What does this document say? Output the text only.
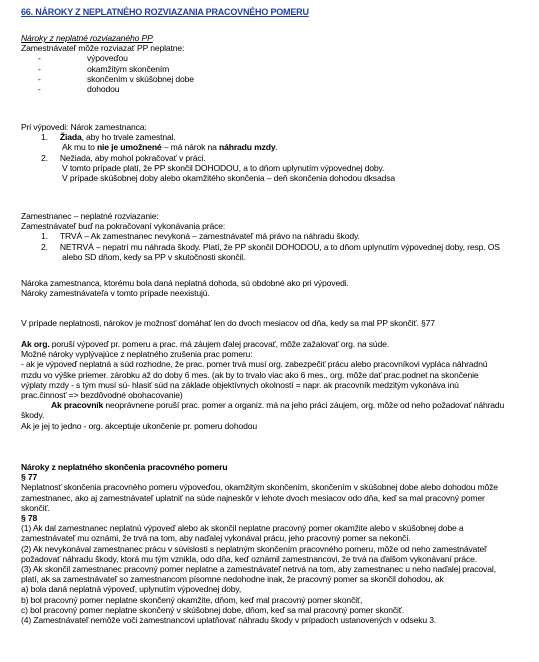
66. NÁROKY Z NEPLATNÉHO ROZVIAZANIA PRACOVNÉHO POMERU
Nároky z neplatné rozviazaného PP
Zamestnávateľ môže rozviazať PP neplatne:
-	výpoveďou
-	okamžitým skončením
-	skončením v skúšobnej dobe
-	dohodou
Pri výpovedi: Nárok zamestnanca:
1. Žiada, aby ho trvale zamestnal.
Ak mu to nie je umožnené – má nárok na náhradu mzdy.
2. Nežiada, aby mohol pokračovať v práci.
V tomto prípade platí, že PP skončil DOHODOU, a to dňom uplynutím výpovednej doby.
V prípade skúšobnej doby alebo okamžitého skončenia – deň skončenia dohodou dksadsa
Zamestnanec – neplatné rozviazanie:
Zamestnávateľ buď na pokračovaní vykonávania práce:
1. TRVÁ – Ak zamestnanec nevykoná – zamestnávateľ má právo na náhradu škody.
2. NETRVÁ – nepatrí mu náhrada škody. Platí, že PP skončil DOHODOU, a to dňom uplynutím výpovednej doby, resp. OS
alebo SD dňom, kedy sa PP v skutočnosti skončil.
Nároka zamestnanca, ktorému bola daná neplatná dohoda, sú obdobné ako pri výpovedi.
Nároky zamestnávateľa v tomto prípade neexistujú.
V prípade neplatnosti, nárokov je možnosť domáhať len do dvoch mesiacov od dňa, kedy sa mal PP skončiť. §77
Ak org. poruší výpoveď pr. pomeru a prac. má záujem ďalej pracovať, môže zažalovať org. na súde.
Možné nároky vyplývajúce z neplatného zrušenia prac pomeru:
- ak je výpoveď neplatná a súd rozhodne, že prac. pomer trvá musí org. zabezpečiť prácu alebo pracovníkovi vypláca náhradnú
mzdu vo výške priemer. zárobku až do doby 6 mes. (ak by to trvalo viac ako 6 mes., org. môže dať prac.podnet na skončenie
výplaty mzdy - s tým musí sú- hlasiť súd na základe objektívnych okolností = napr. ak pracovník medzitým vykonáva inú
prac.činnosť => bezdôvodné obohacovanie)
Ak pracovník neoprávnene poruší prac. pomer a organiz. má na jeho práci záujem, org. môže od neho požadovať náhradu
škody.
Ak je jej to jedno - org. akceptuje ukončenie pr. pomeru dohodou
Nároky z neplatného skončenia pracovného pomeru
§ 77
Neplatnosť skončenia pracovného pomeru výpoveďou, okamžitým skončením, skončením v skúšobnej dobe alebo dohodou môže
zamestnanec, ako aj zamestnávateľ uplatniť na súde najneskôr v lehote dvoch mesiacov odo dňa, keď sa mal pracovný pomer
skončiť.
§ 78
(1) Ak dal zamestnanec neplatnú výpoveď alebo ak skončil neplatne pracovný pomer okamžite alebo v skúšobnej dobe a
zamestnávateľ mu oznámi, že trvá na tom, aby naďalej vykonával prácu, jeho pracovný pomer sa nekončí.
(2) Ak nevykonával zamestnanec prácu v súvislosti s neplatným skončením pracovného pomeru, môže od neho zamestnávateľ
požadovať náhradu škody, ktorá mu tým vznikla, odo dňa, keď oznámil zamestnancovi, že trvá na ďalšom vykonávaní práce.
(3) Ak skončil zamestnanec pracovný pomer neplatne a zamestnávateľ netrvá na tom, aby zamestnanec u neho naďalej pracoval,
platí, ak sa zamestnávateľ so zamestnancom písomne nedohodne inak, že pracovný pomer sa skončil dohodou, ak
a) bola daná neplatná výpoveď, uplynutím výpovednej doby,
b) bol pracovný pomer neplatne skončený okamžite, dňom, keď mal pracovný pomer skončiť,
c) bol pracovný pomer neplatne skončený v skúšobnej dobe, dňom, keď sa mal pracovný pomer skončiť.
(4) Zamestnávateľ nemôže voči zamestnancovi uplatňovať náhradu škody v prípadoch ustanovených v odseku 3.
